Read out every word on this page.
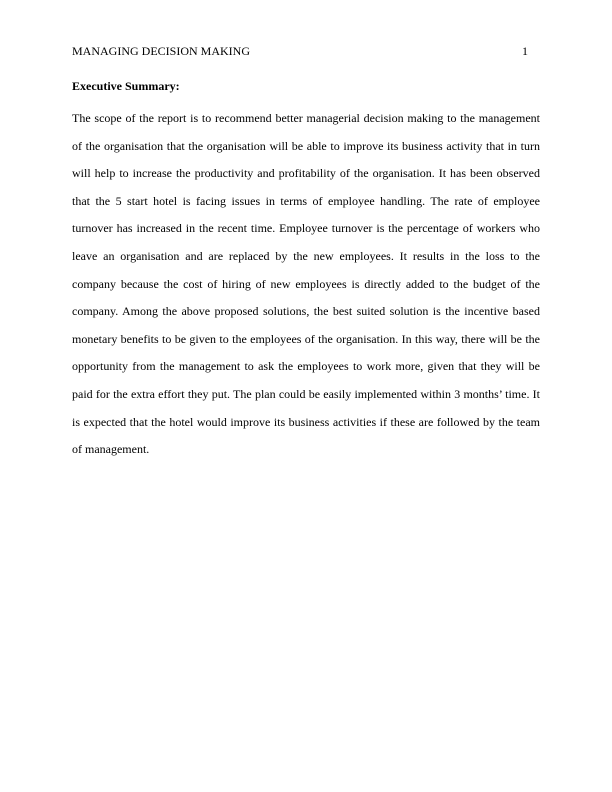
MANAGING DECISION MAKING	1
Executive Summary:
The scope of the report is to recommend better managerial decision making to the management
of the organisation that the organisation will be able to improve its business activity that in turn
will help to increase the productivity and profitability of the organisation. It has been observed
that the 5 start hotel is facing issues in terms of employee handling. The rate of employee
turnover has increased in the recent time. Employee turnover is the percentage of workers who
leave an organisation and are replaced by the new employees. It results in the loss to the
company because the cost of hiring of new employees is directly added to the budget of the
company. Among the above proposed solutions, the best suited solution is the incentive based
monetary benefits to be given to the employees of the organisation. In this way, there will be the
opportunity from the management to ask the employees to work more, given that they will be
paid for the extra effort they put. The plan could be easily implemented within 3 months’ time. It
is expected that the hotel would improve its business activities if these are followed by the team
of management.
